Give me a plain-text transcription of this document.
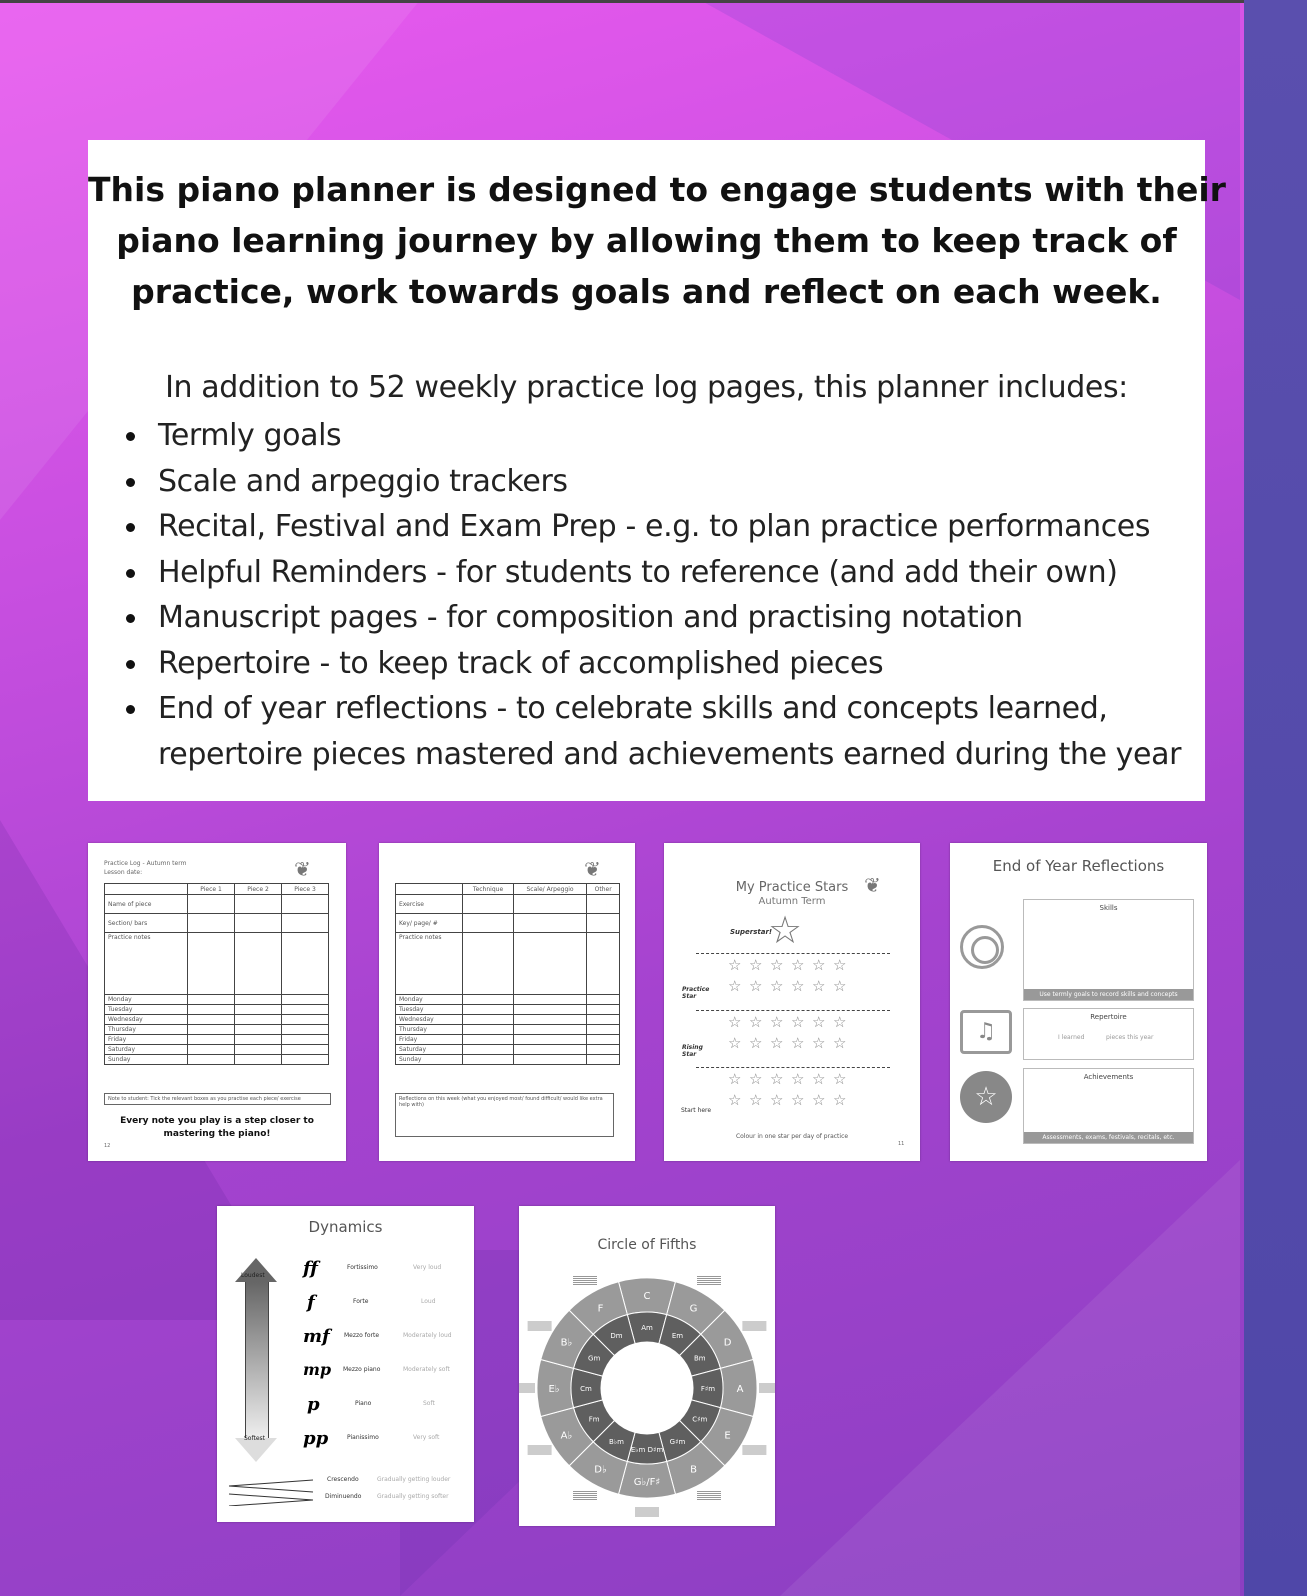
This piano planner is designed to engage students with their
piano learning journey by allowing them to keep track of
practice, work towards goals and reflect on each week.
In addition to 52 weekly practice log pages, this planner includes:
Termly goals
Scale and arpeggio trackers
Recital, Festival and Exam Prep - e.g. to plan practice performances
Helpful Reminders - for students to reference (and add their own)
Manuscript pages - for composition and practising notation
Repertoire - to keep track of accomplished pieces
End of year reflections - to celebrate skills and concepts learned,
repertoire pieces mastered and achievements earned during the year
Practice Log - Autumn term
Lesson date:	❦
	Piece 1	Piece 2	Piece 3
Name of piece			
Section/ bars			
Practice notes			
Monday			
Tuesday			
Wednesday			
Thursday			
Friday			
Saturday			
Sunday			
Note to student: Tick the relevant boxes as you practise each piece/ exercise
Every note you play is a step closer to mastering the piano!
12
❦
	Technique	Scale/ Arpeggio	Other
Exercise			
Key/ page/ #			
Practice notes			
Monday			
Tuesday			
Wednesday			
Thursday			
Friday			
Saturday			
Sunday			
Reflections on this week (what you enjoyed most/ found difficult/ would like extra help with)
My Practice Stars
Autumn Term
❦
Superstar!
☆
☆ ☆ ☆ ☆ ☆ ☆
☆ ☆ ☆ ☆ ☆ ☆
☆ ☆ ☆ ☆ ☆ ☆
☆ ☆ ☆ ☆ ☆ ☆
☆ ☆ ☆ ☆ ☆ ☆
☆ ☆ ☆ ☆ ☆ ☆
Practice Star
Rising Star
Start here
Colour in one star per day of practice
11
End of Year Reflections
Skills
Use termly goals to record skills and concepts
♫
Repertoire
I learned	pieces this year
☆
Achievements
Assessments, exams, festivals, recitals, etc.
Dynamics
Loudest
Softest
ff	Fortissimo	Very loud
f	Forte	Loud
mf Mezzo forte	Moderately loud
mp Mezzo piano	Moderately soft
p	Piano	Soft
pp	Pianissimo	Very soft
Crescendo	Gradually getting louder
Diminuendo	Gradually getting softer
Circle of Fifths
C
Am
G
Em
D
Bm
A
F♯m
E
C♯m
B
G♯m
G♭/F♯
E♭m D♯m
D♭
B♭m
A♭
Fm
E♭	Cm
B♭
Gm
F
Dm
